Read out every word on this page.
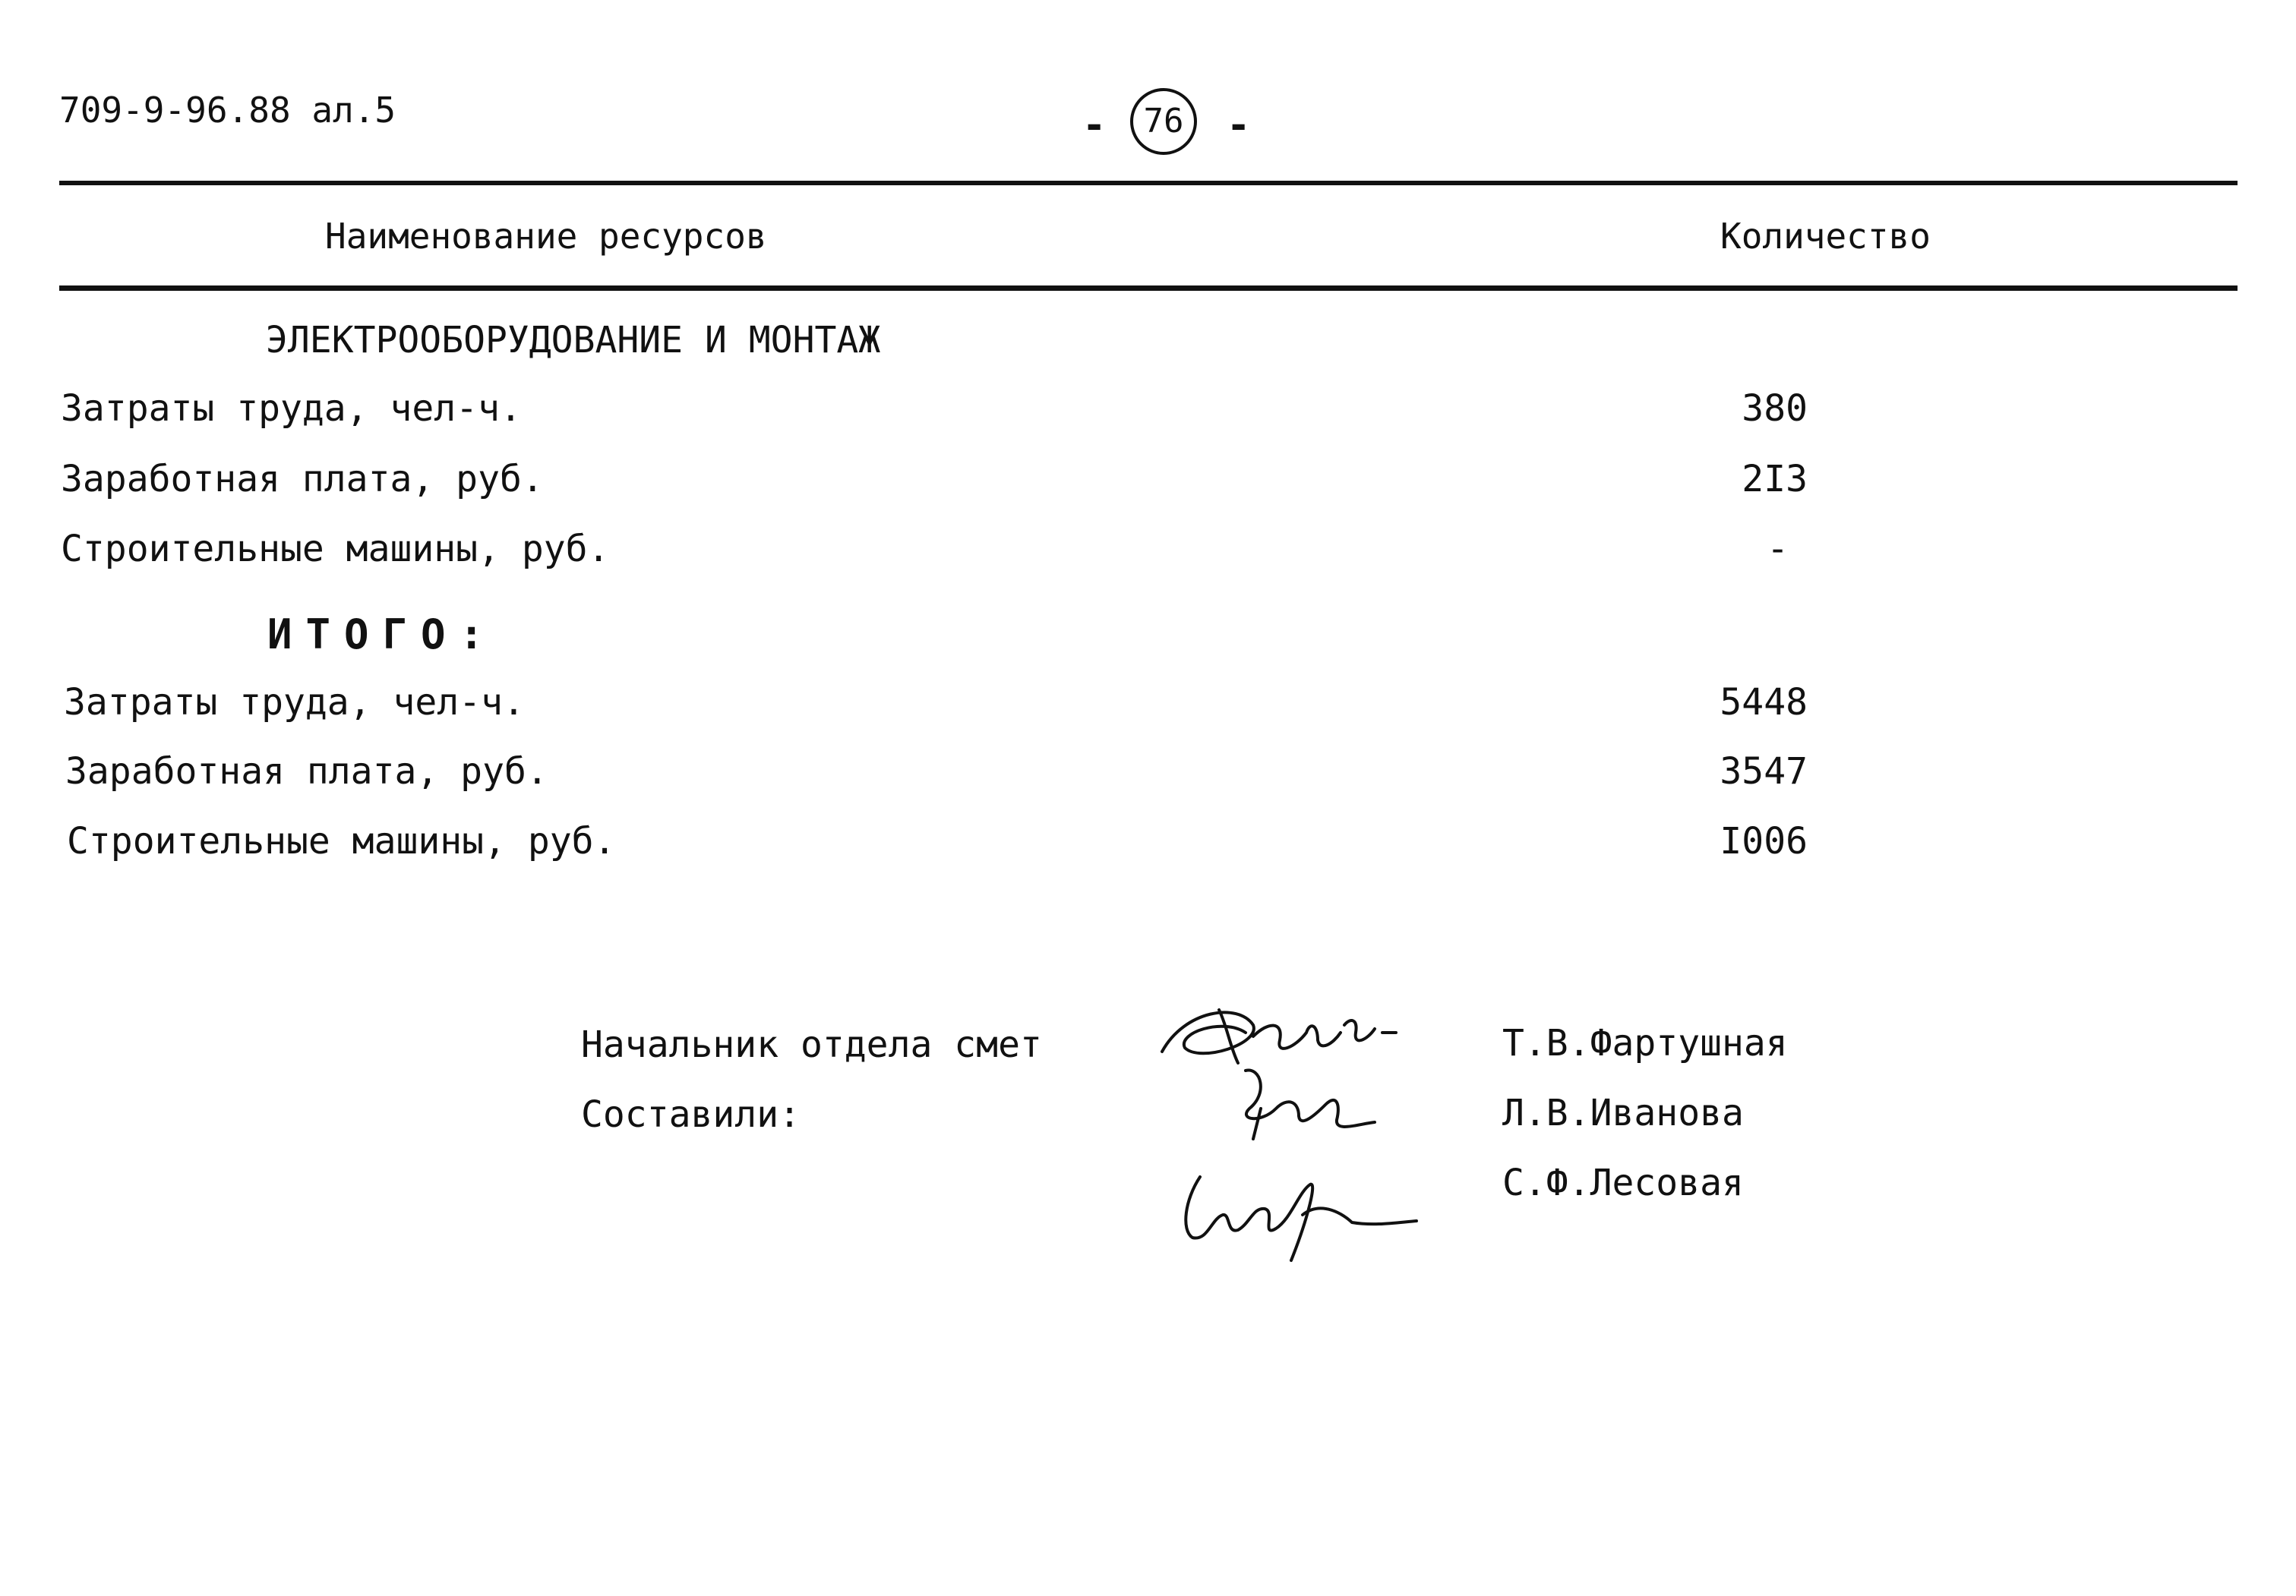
709-9-96.88 ал.5	-	76	-
Наименование ресурсов	Количество
ЭЛЕКТРООБОРУДОВАНИЕ И МОНТАЖ
Затраты труда, чел-ч.	380
Заработная плата, руб.	2I3
Строительные машины, руб.	-
ИТОГО:
Затраты труда, чел-ч.	5448
Заработная плата, руб.	3547
Строительные машины, руб.	I006
Начальник отдела смет
Составили:
Т.В.Фартушная
Л.В.Иванова
С.Ф.Лесовая
